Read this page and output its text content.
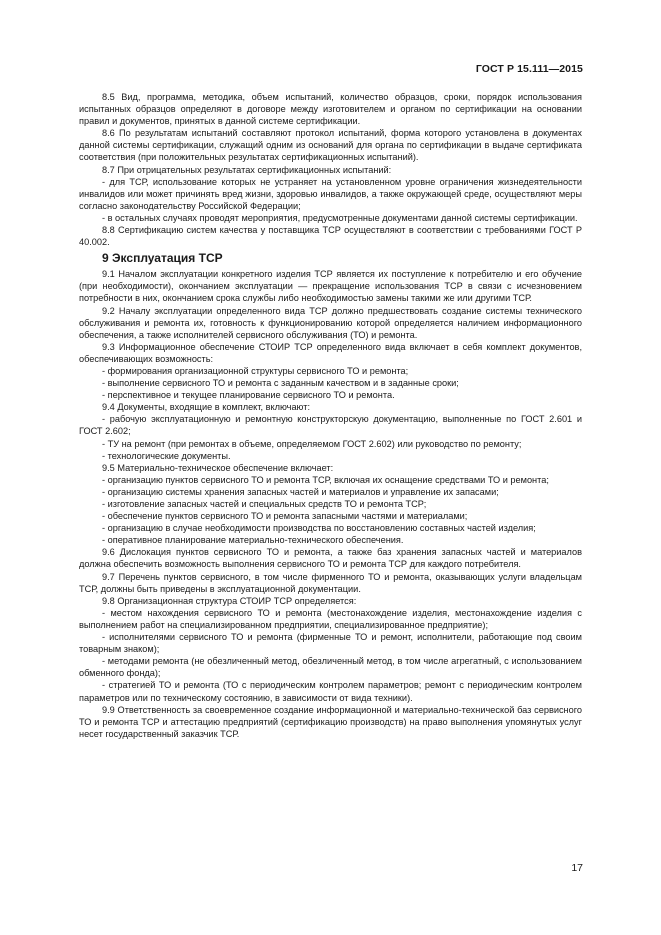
ГОСТ Р 15.111—2015

8.5 Вид, программа, методика, объем испытаний, количество образцов, сроки, порядок использования испытанных образцов определяют в договоре между изготовителем и органом по сертификации на основании правил и документов, принятых в данной системе сертификации.

8.6 По результатам испытаний составляют протокол испытаний, форма которого установлена в документах данной системы сертификации, служащий одним из оснований для органа по сертификации в выдаче сертификата соответствия (при положительных результатах сертификационных испытаний).

8.7 При отрицательных результатах сертификационных испытаний:

- для ТСР, использование которых не устраняет на установленном уровне ограничения жизнедеятельности инвалидов или может причинять вред жизни, здоровью инвалидов, а также окружающей среде, осуществляют меры согласно законодательству Российской Федерации;

- в остальных случаях проводят мероприятия, предусмотренные документами данной системы сертификации.

8.8 Сертификацию систем качества у поставщика ТСР осуществляют в соответствии с требованиями ГОСТ Р 40.002.

9 Эксплуатация ТСР

9.1 Началом эксплуатации конкретного изделия ТСР является их поступление к потребителю и его обучение (при необходимости), окончанием эксплуатации — прекращение использования ТСР в связи с исчезновением потребности в них, окончанием срока службы либо необходимостью замены такими же или другими ТСР.

9.2 Началу эксплуатации определенного вида ТСР должно предшествовать создание системы технического обслуживания и ремонта их, готовность к функционированию которой определяется наличием информационного обеспечения, а также исполнителей сервисного обслуживания (ТО) и ремонта.

9.3 Информационное обеспечение СТОИР ТСР определенного вида включает в себя комплект документов, обеспечивающих возможность:

- формирования организационной структуры сервисного ТО и ремонта;

- выполнение сервисного ТО и ремонта с заданным качеством и в заданные сроки;

- перспективное и текущее планирование сервисного ТО и ремонта.

9.4 Документы, входящие в комплект, включают:

- рабочую эксплуатационную и ремонтную конструкторскую документацию, выполненные по ГОСТ 2.601 и ГОСТ 2.602;

- ТУ на ремонт (при ремонтах в объеме, определяемом ГОСТ 2.602) или руководство по ремонту;

- технологические документы.

9.5 Материально-техническое обеспечение включает:

- организацию пунктов сервисного ТО и ремонта ТСР, включая их оснащение средствами ТО и ремонта;

- организацию системы хранения запасных частей и материалов и управление их запасами;

- изготовление запасных частей и специальных средств ТО и ремонта ТСР;

- обеспечение пунктов сервисного ТО и ремонта запасными частями и материалами;

- организацию в случае необходимости производства по восстановлению составных частей изделия;

- оперативное планирование материально-технического обеспечения.

9.6 Дислокация пунктов сервисного ТО и ремонта, а также баз хранения запасных частей и материалов должна обеспечить возможность выполнения сервисного ТО и ремонта ТСР для каждого потребителя.

9.7 Перечень пунктов сервисного, в том числе фирменного ТО и ремонта, оказывающих услуги владельцам ТСР, должны быть приведены в эксплуатационной документации.

9.8 Организационная структура СТОИР ТСР определяется:

- местом нахождения сервисного ТО и ремонта (местонахождение изделия, местонахождение изделия с выполнением работ на специализированном предприятии, специализированное предприятие);

- исполнителями сервисного ТО и ремонта (фирменные ТО и ремонт, исполнители, работающие под своим товарным знаком);

- методами ремонта (не обезличенный метод, обезличенный метод, в том числе агрегатный, с использованием обменного фонда);

- стратегией ТО и ремонта (ТО с периодическим контролем параметров; ремонт с периодическим контролем параметров или по техническому состоянию, в зависимости от вида техники).

9.9 Ответственность за своевременное создание информационной и материально-технической баз сервисного ТО и ремонта ТСР и аттестацию предприятий (сертификацию производств) на право выполнения упомянутых услуг несет государственный заказчик ТСР.

17
